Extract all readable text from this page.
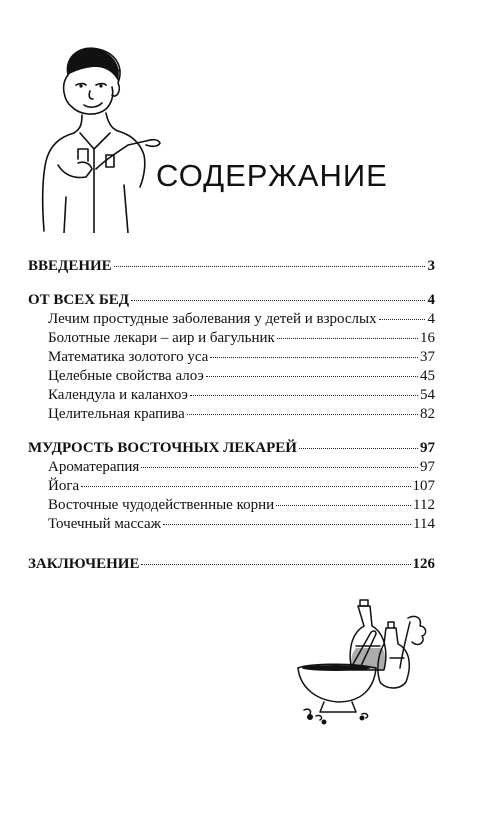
СОДЕРЖАНИЕ
ВВЕДЕНИЕ	3
ОТ ВСЕХ БЕД	4
Лечим простудные заболевания у детей и взрослых	4
Болотные лекари – аир и багульник	16
Математика золотого уса	37
Целебные свойства алоэ	45
Календула и каланхоэ	54
Целительная крапива	82
МУДРОСТЬ ВОСТОЧНЫХ ЛЕКАРЕЙ	97
Ароматерапия	97
Йога	107
Восточные чудодейственные корни	112
Точечный массаж	114
ЗАКЛЮЧЕНИЕ	126
